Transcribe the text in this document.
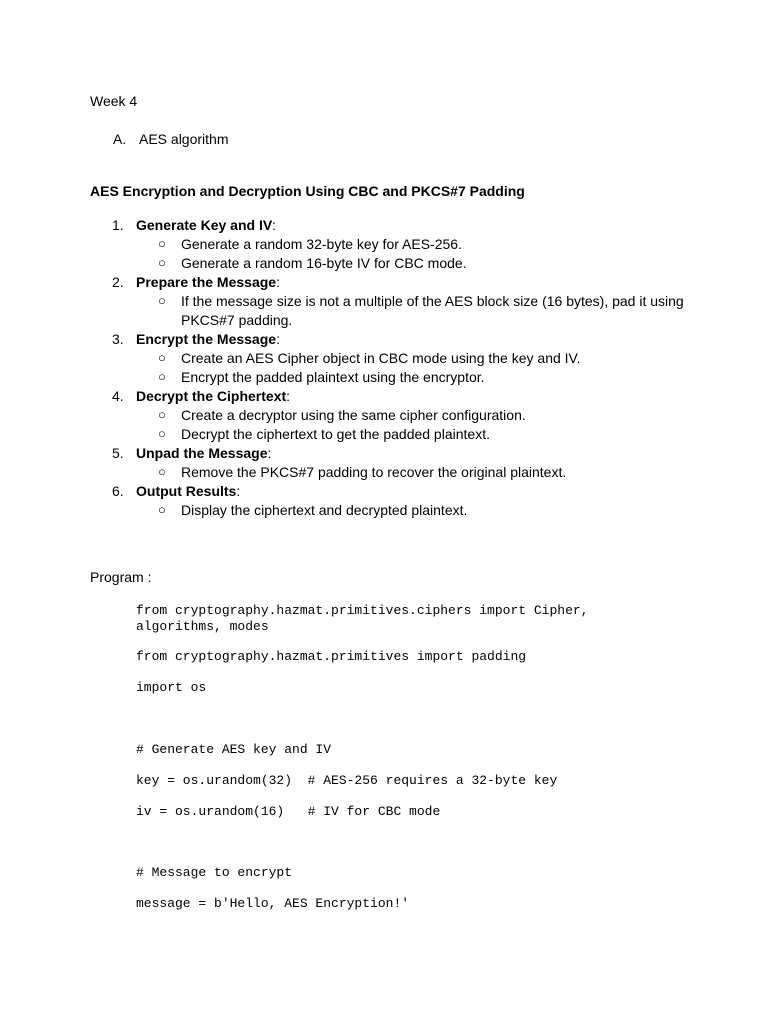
Week 4
A. AES algorithm
AES Encryption and Decryption Using CBC and PKCS#7 Padding
1. Generate Key and IV:
○ Generate a random 32-byte key for AES-256.
○ Generate a random 16-byte IV for CBC mode.
2. Prepare the Message:
○ If the message size is not a multiple of the AES block size (16 bytes), pad it using PKCS#7 padding.
3. Encrypt the Message:
○ Create an AES Cipher object in CBC mode using the key and IV.
○ Encrypt the padded plaintext using the encryptor.
4. Decrypt the Ciphertext:
○ Create a decryptor using the same cipher configuration.
○ Decrypt the ciphertext to get the padded plaintext.
5. Unpad the Message:
○ Remove the PKCS#7 padding to recover the original plaintext.
6. Output Results:
○ Display the ciphertext and decrypted plaintext.
Program :
from cryptography.hazmat.primitives.ciphers import Cipher,
algorithms, modes
from cryptography.hazmat.primitives import padding
import os
# Generate AES key and IV
key = os.urandom(32)  # AES-256 requires a 32-byte key
iv = os.urandom(16)   # IV for CBC mode
# Message to encrypt
message = b'Hello, AES Encryption!'
